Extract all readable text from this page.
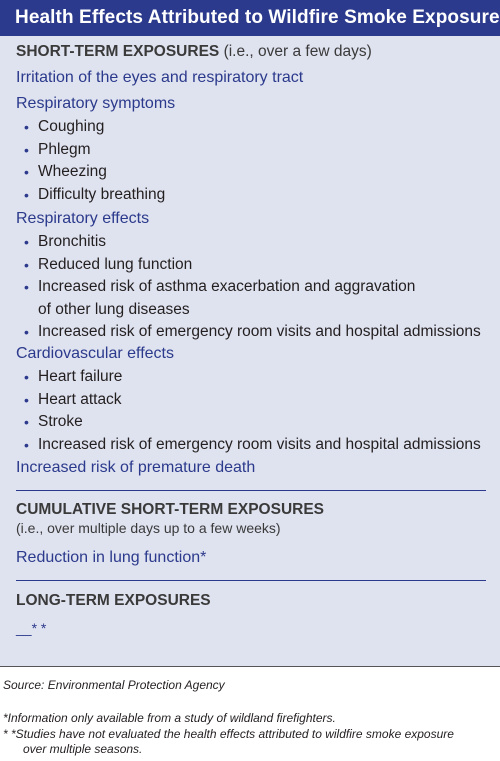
Health Effects Attributed to Wildfire Smoke Exposure
SHORT-TERM EXPOSURES (i.e., over a few days)
Irritation of the eyes and respiratory tract
Respiratory symptoms
• Coughing
• Phlegm
• Wheezing
• Difficulty breathing
Respiratory effects
• Bronchitis
• Reduced lung function
• Increased risk of asthma exacerbation and aggravation
of other lung diseases
• Increased risk of emergency room visits and hospital admissions
Cardiovascular effects
• Heart failure
• Heart attack
• Stroke
• Increased risk of emergency room visits and hospital admissions
Increased risk of premature death
CUMULATIVE SHORT-TERM EXPOSURES
(i.e., over multiple days up to a few weeks)
Reduction in lung function*
LONG-TERM EXPOSURES
__* *
Source: Environmental Protection Agency
*Information only available from a study of wildland firefighters.
* *Studies have not evaluated the health effects attributed to wildfire smoke exposure
over multiple seasons.
